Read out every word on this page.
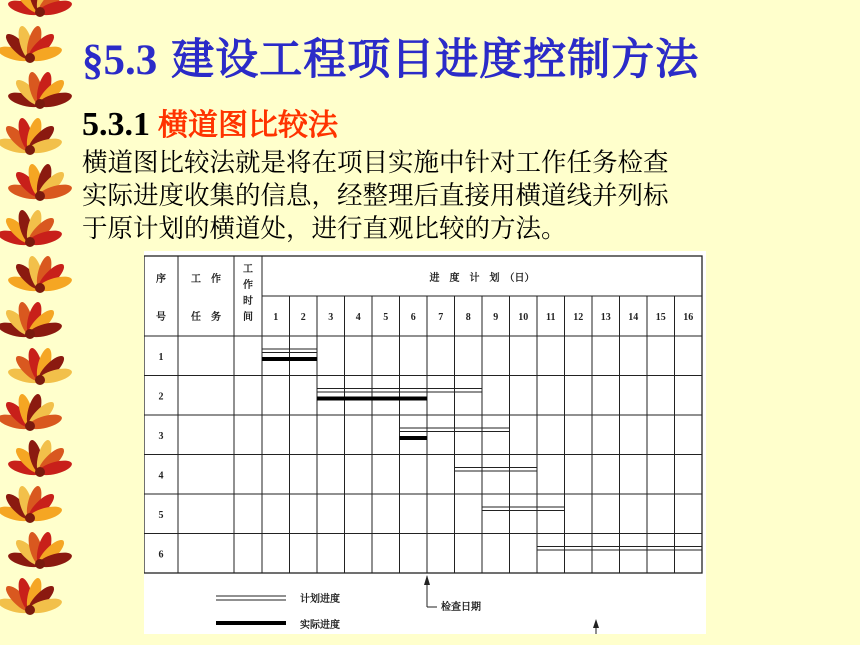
§5.3 建设工程项目进度控制方法
5.3.1 横道图比较法
横道图比较法就是将在项目实施中针对工作任务检查
实际进度收集的信息，经整理后直接用横道线并列标
于原计划的横道处，进行直观比较的方法。
序
号
工　作
任　务
工
作
时
间
进　度　计　划　（日）
1 2 3 4 5 6 7 8 9 10 11 12 13 14 15 16
1
2
3
4
5
6
计划进度
实际进度
检查日期
